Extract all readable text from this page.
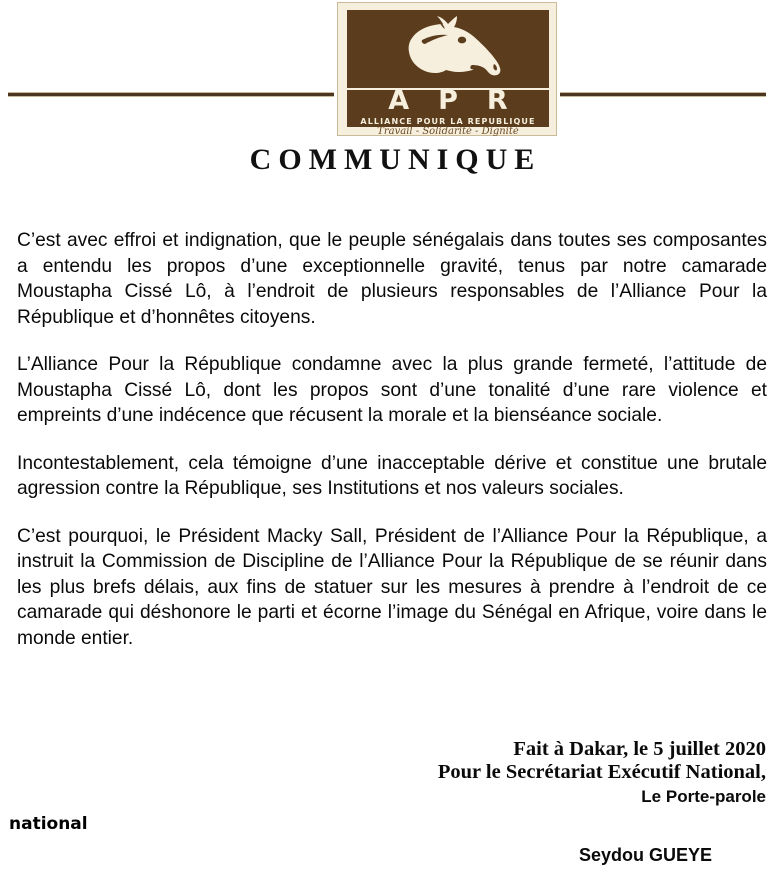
APR
ALLIANCE POUR LA REPUBLIQUE
Travail - Solidarité - Dignité
COMMUNIQUE

C’est avec effroi et indignation, que le peuple sénégalais dans toutes ses composantes a entendu les propos d’une exceptionnelle gravité, tenus par notre camarade Moustapha Cissé Lô, à l’endroit de plusieurs responsables de l’Alliance Pour la République et d’honnêtes citoyens.

L’Alliance Pour la République condamne avec la plus grande fermeté, l’attitude de Moustapha Cissé Lô, dont les propos sont d’une tonalité d’une rare violence et empreints d’une indécence que récusent la morale et la bienséance sociale.

Incontestablement, cela témoigne d’une inacceptable dérive et constitue une brutale agression contre la République, ses Institutions et nos valeurs sociales.

C’est pourquoi, le Président Macky Sall, Président de l’Alliance Pour la République, a instruit la Commission de Discipline de l’Alliance Pour la République de se réunir dans les plus brefs délais, aux fins de statuer sur les mesures à prendre à l’endroit de ce camarade qui déshonore le parti et écorne l’image du Sénégal en Afrique, voire dans le monde entier.

Fait à Dakar, le 5 juillet 2020
Pour le Secrétariat Exécutif National,
Le Porte-parole
national
Seydou GUEYE
